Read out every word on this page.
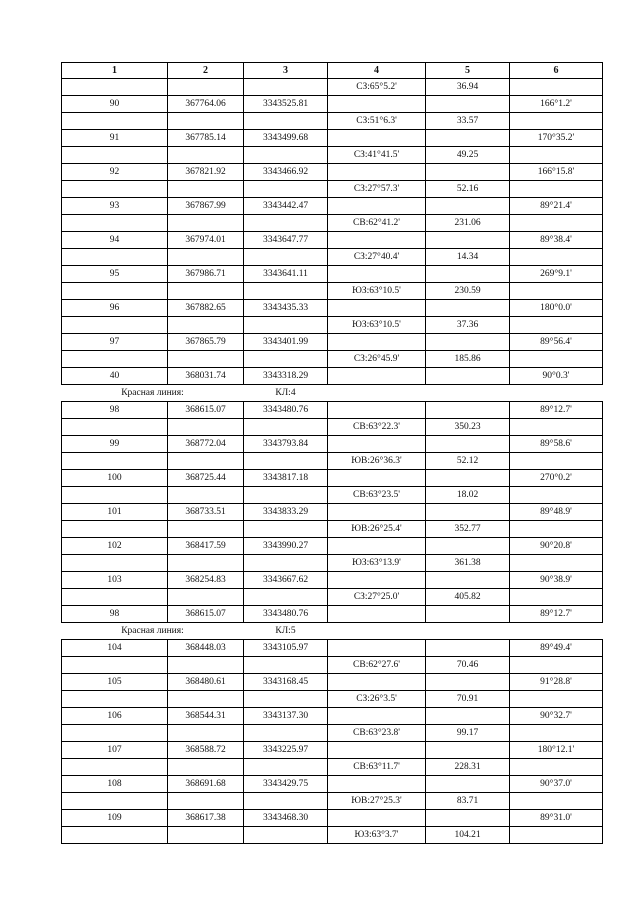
1	2	3	4	5	6
			СЗ:65°5.2'	36.94	
90	367764.06	3343525.81			166°1.2'
			СЗ:51°6.3'	33.57	
91	367785.14	3343499.68			170°35.2'
			СЗ:41°41.5'	49.25	
92	367821.92	3343466.92			166°15.8'
			СЗ:27°57.3'	52.16	
93	367867.99	3343442.47			89°21.4'
			СВ:62°41.2'	231.06	
94	367974.01	3343647.77			89°38.4'
			СЗ:27°40.4'	14.34	
95	367986.71	3343641.11			269°9.1'
			ЮЗ:63°10.5'	230.59	
96	367882.65	3343435.33			180°0.0'
			ЮЗ:63°10.5'	37.36	
97	367865.79	3343401.99			89°56.4'
			СЗ:26°45.9'	185.86	
40	368031.74	3343318.29			90°0.3'
Красная линия:		КЛ:4			
98	368615.07	3343480.76			89°12.7'
			СВ:63°22.3'	350.23	
99	368772.04	3343793.84			89°58.6'
			ЮВ:26°36.3'	52.12	
100	368725.44	3343817.18			270°0.2'
			СВ:63°23.5'	18.02	
101	368733.51	3343833.29			89°48.9'
			ЮВ:26°25.4'	352.77	
102	368417.59	3343990.27			90°20.8'
			ЮЗ:63°13.9'	361.38	
103	368254.83	3343667.62			90°38.9'
			СЗ:27°25.0'	405.82	
98	368615.07	3343480.76			89°12.7'
Красная линия:		КЛ:5			
104	368448.03	3343105.97			89°49.4'
			СВ:62°27.6'	70.46	
105	368480.61	3343168.45			91°28.8'
			СЗ:26°3.5'	70.91	
106	368544.31	3343137.30			90°32.7'
			СВ:63°23.8'	99.17	
107	368588.72	3343225.97			180°12.1'
			СВ:63°11.7'	228.31	
108	368691.68	3343429.75			90°37.0'
			ЮВ:27°25.3'	83.71	
109	368617.38	3343468.30			89°31.0'
			ЮЗ:63°3.7'	104.21	
